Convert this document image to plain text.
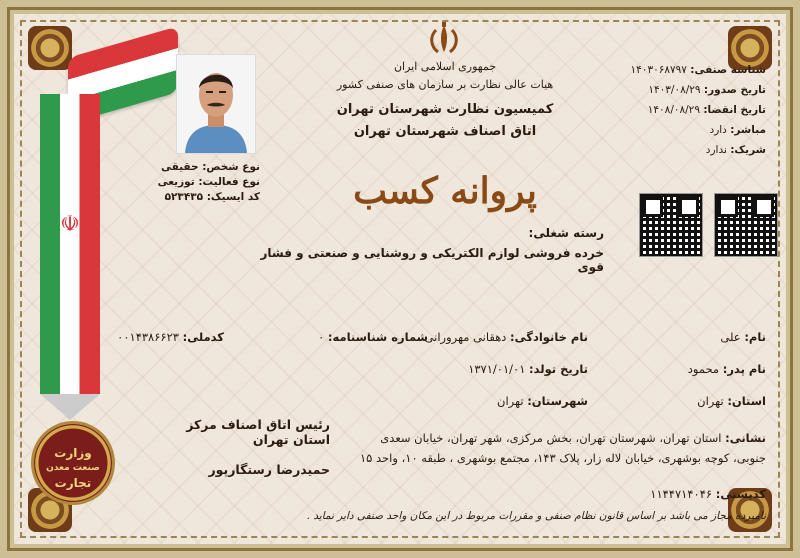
☫
وزارت
صنعت معدن
تجارت
نوع شخص: حقیقی
نوع فعالیت: توزیعی
کد ایسیک: ۵۲۳۴۳۵
جمهوری اسلامی ایران
هیات عالی نظارت بر سازمان های صنفی کشور
کمیسیون نظارت شهرستان تهران
اتاق اصناف شهرستان تهران
پروانه کسب
رسته شغلی:
خرده فروشی لوازم الکتریکی و روشنایی و صنعتی و فشار قوی
شناسه صنفی: ۱۴۰۳۰۶۸۷۹۷
تاریخ صدور: ۱۴۰۳/۰۸/۲۹
تاریخ انقضا: ۱۴۰۸/۰۸/۲۹
مباشر: دارد
شریک: ندارد
نام: علی
نام خانوادگی: دهقانی مهرورانی
شماره شناسنامه: ۰
کدملی: ۰۰۱۴۳۸۶۶۲۳
نام پدر: محمود
تاریخ تولد: ۱۳۷۱/۰۱/۰۱
استان: تهران
شهرستان: تهران
نشانی: استان تهران، شهرستان تهران، بخش مرکزی، شهر تهران، خیابان سعدی جنوبی، کوچه بوشهری، خیابان لاله زار، پلاک ۱۴۳، مجتمع بوشهری ، طبقه ۱۰، واحد ۱۵
کدپستی: ۱۱۴۴۷۱۴۰۴۶
رئیس اتاق اصناف مرکز استان تهران
حمیدرضا رستگارپور
نامبرده مجاز می باشد بر اساس قانون نظام صنفی و مقررات مربوط در این مکان واحد صنفی دایر نماید .
